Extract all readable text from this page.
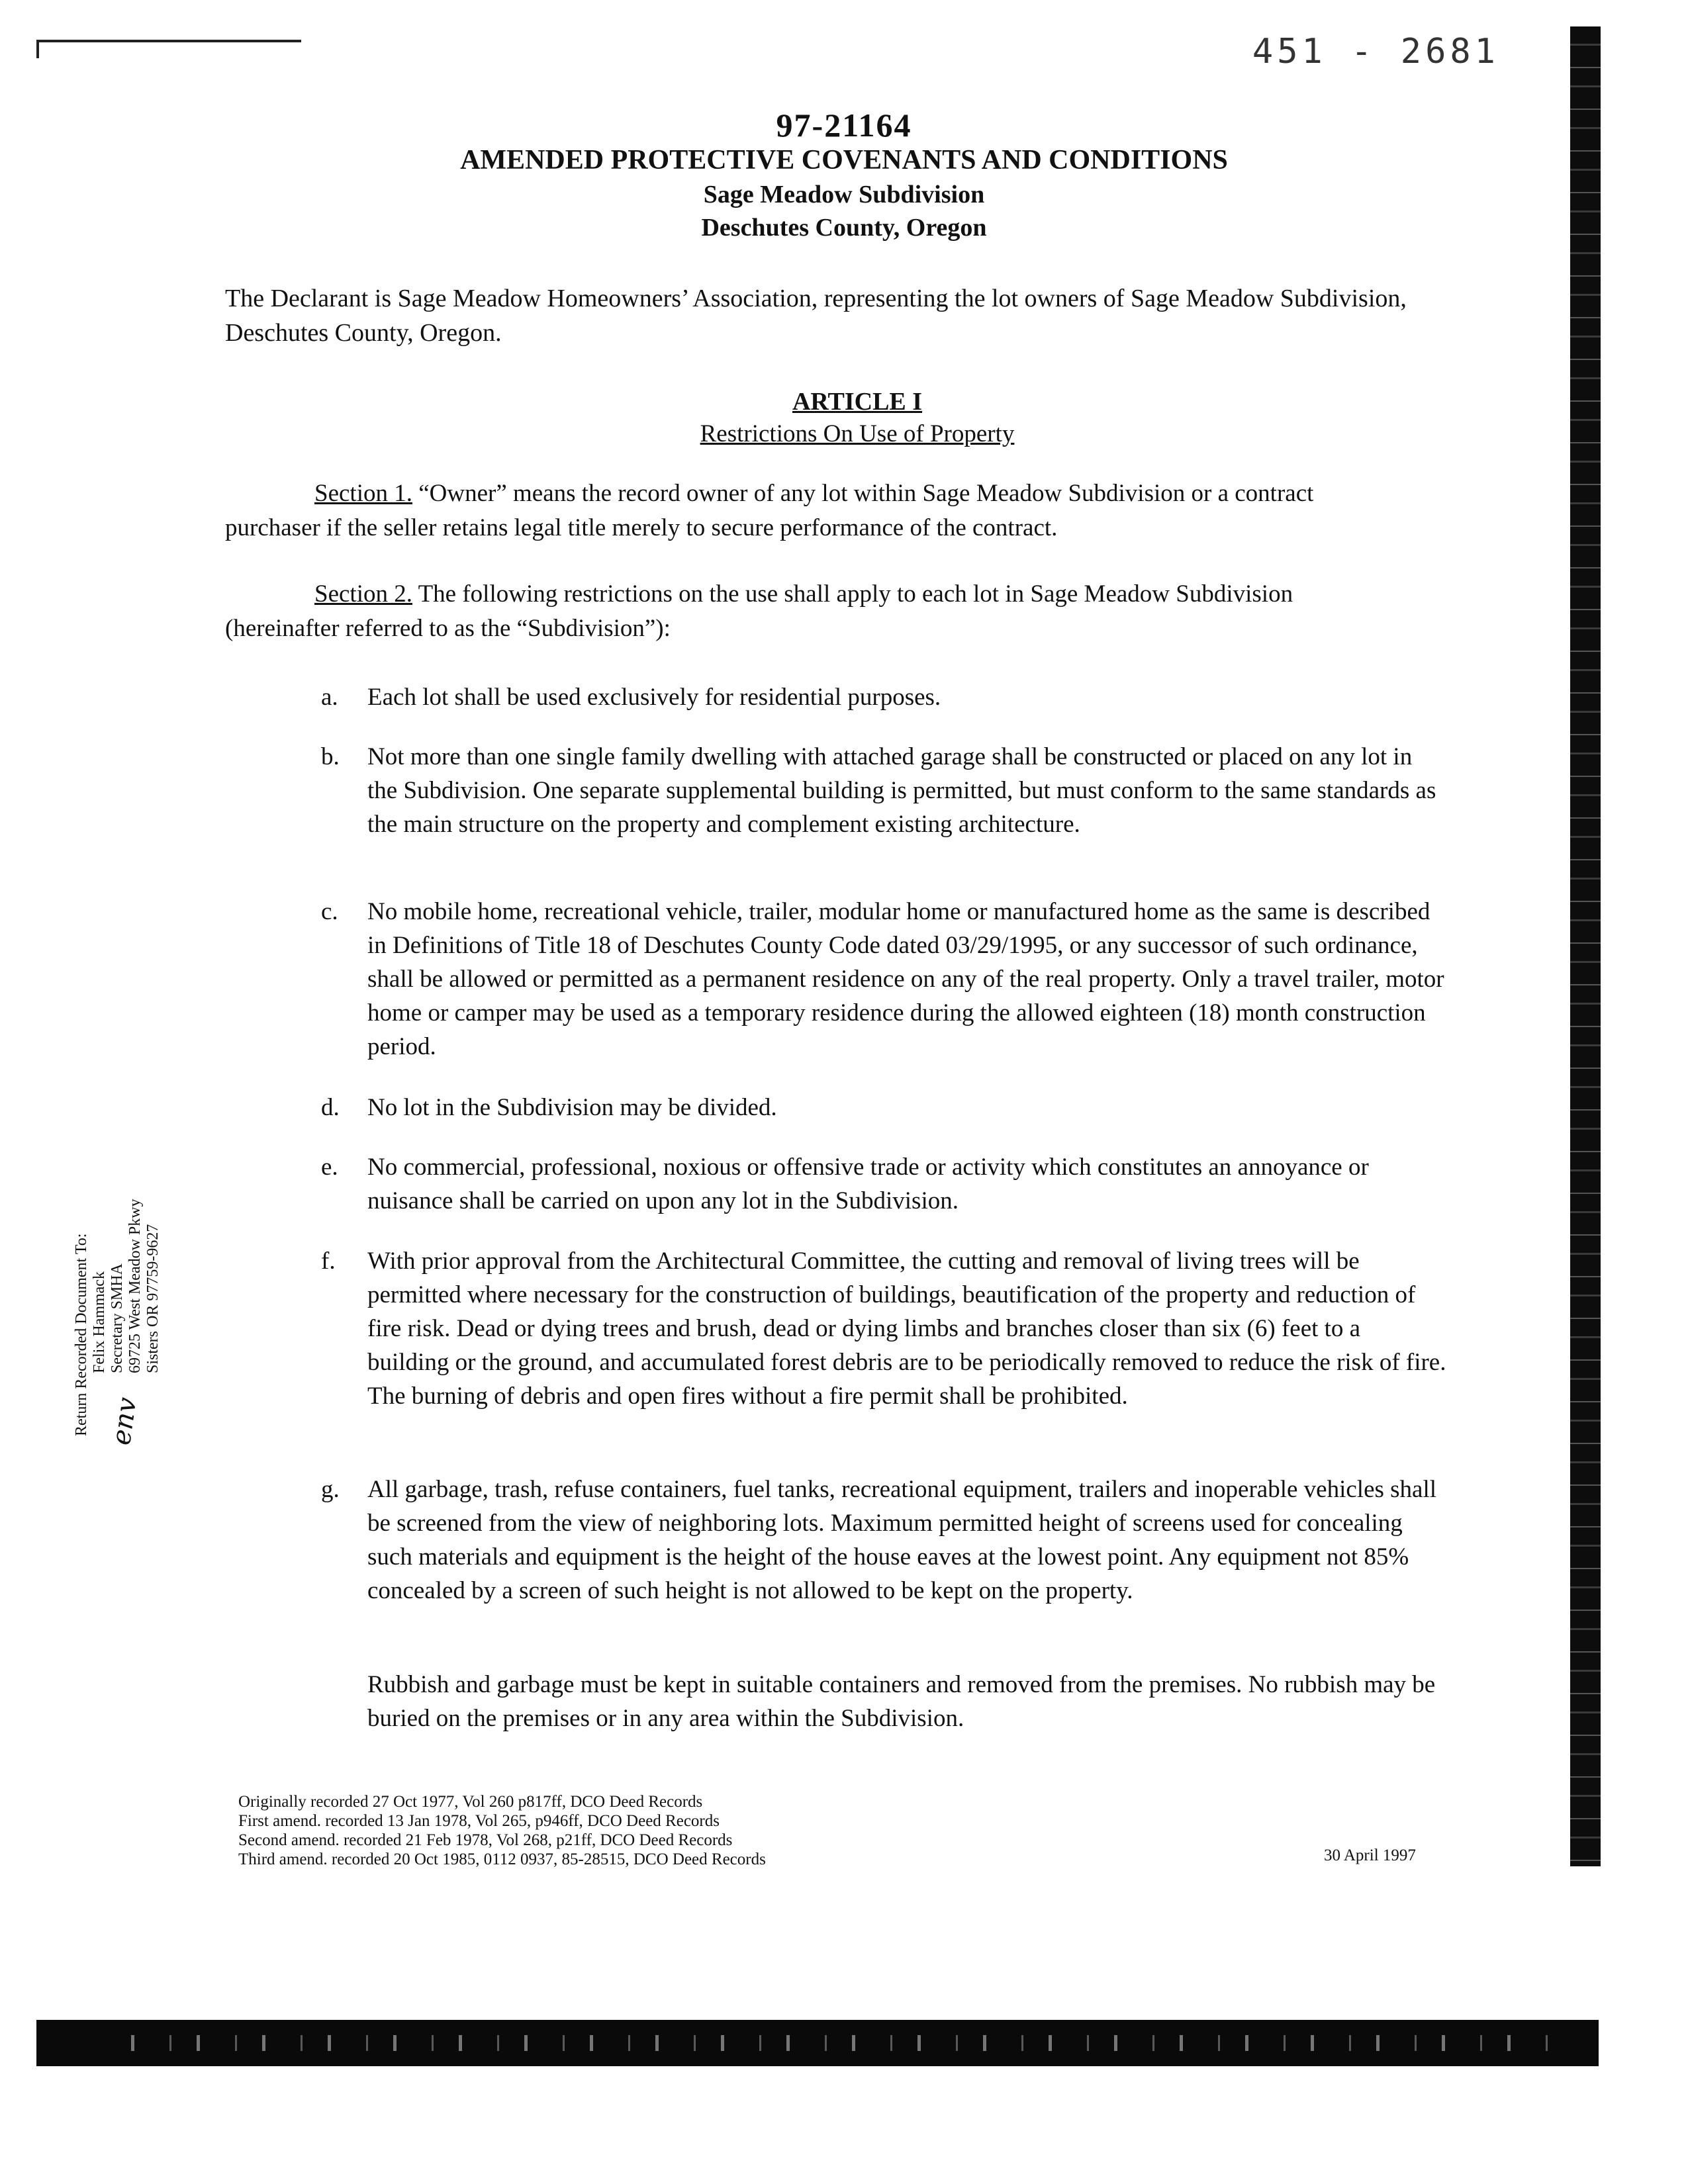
451 - 2681
97-21164
AMENDED PROTECTIVE COVENANTS AND CONDITIONS
Sage Meadow Subdivision
Deschutes County, Oregon
The Declarant is Sage Meadow Homeowners’ Association, representing the lot owners of Sage Meadow Subdivision, Deschutes County, Oregon.
ARTICLE I
Restrictions On Use of Property
Section 1. “Owner” means the record owner of any lot within Sage Meadow Subdivision or a contract purchaser if the seller retains legal title merely to secure performance of the contract.
Section 2. The following restrictions on the use shall apply to each lot in Sage Meadow Subdivision (hereinafter referred to as the “Subdivision”):
a. Each lot shall be used exclusively for residential purposes.
b. Not more than one single family dwelling with attached garage shall be constructed or placed on any lot in the Subdivision. One separate supplemental building is permitted, but must conform to the same standards as the main structure on the property and complement existing architecture.
c. No mobile home, recreational vehicle, trailer, modular home or manufactured home as the same is described in Definitions of Title 18 of Deschutes County Code dated 03/29/1995, or any successor of such ordinance, shall be allowed or permitted as a permanent residence on any of the real property. Only a travel trailer, motor home or camper may be used as a temporary residence during the allowed eighteen (18) month construction period.
d. No lot in the Subdivision may be divided.
e. No commercial, professional, noxious or offensive trade or activity which constitutes an annoyance or nuisance shall be carried on upon any lot in the Subdivision.
f. With prior approval from the Architectural Committee, the cutting and removal of living trees will be permitted where necessary for the construction of buildings, beautification of the property and reduction of fire risk. Dead or dying trees and brush, dead or dying limbs and branches closer than six (6) feet to a building or the ground, and accumulated forest debris are to be periodically removed to reduce the risk of fire. The burning of debris and open fires without a fire permit shall be prohibited.
g. All garbage, trash, refuse containers, fuel tanks, recreational equipment, trailers and inoperable vehicles shall be screened from the view of neighboring lots. Maximum permitted height of screens used for concealing such materials and equipment is the height of the house eaves at the lowest point. Any equipment not 85% concealed by a screen of such height is not allowed to be kept on the property.
Rubbish and garbage must be kept in suitable containers and removed from the premises. No rubbish may be buried on the premises or in any area within the Subdivision.
Return Recorded Document To: Felix Hammack Secretary SMHA 69725 West Meadow Pkwy Sisters OR 97759-9627
env
Originally recorded 27 Oct 1977, Vol 260 p817ff, DCO Deed Records
First amend. recorded 13 Jan 1978, Vol 265, p946ff, DCO Deed Records
Second amend. recorded 21 Feb 1978, Vol 268, p21ff, DCO Deed Records
Third amend. recorded 20 Oct 1985, 0112 0937, 85-28515, DCO Deed Records	30 April 1997
